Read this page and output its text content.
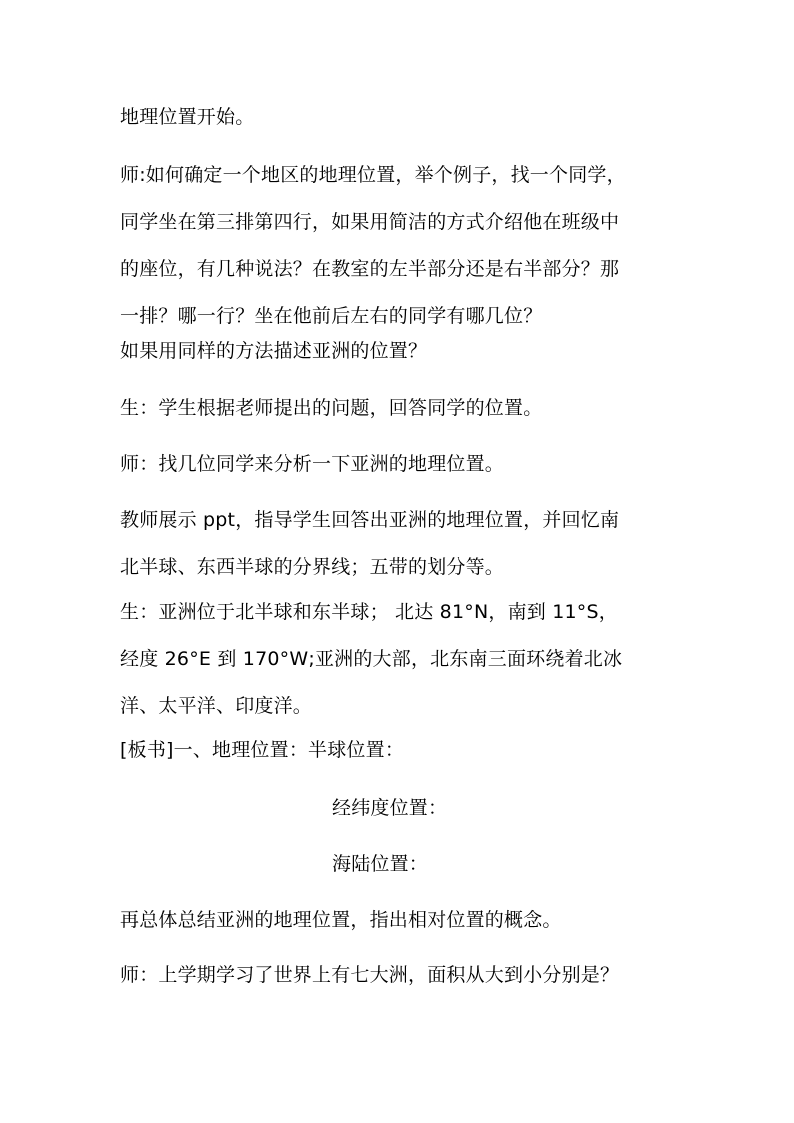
地理位置开始。
师:如何确定一个地区的地理位置，举个例子，找一个同学，
同学坐在第三排第四行，如果用简洁的方式介绍他在班级中
的座位，有几种说法？在教室的左半部分还是右半部分？那
一排？哪一行？坐在他前后左右的同学有哪几位？
如果用同样的方法描述亚洲的位置？
生：学生根据老师提出的问题，回答同学的位置。
师：找几位同学来分析一下亚洲的地理位置。
教师展示 ppt，指导学生回答出亚洲的地理位置，并回忆南
北半球、东西半球的分界线；五带的划分等。
生：亚洲位于北半球和东半球； 北达 81°N，南到 11°S，
经度 26°E 到 170°W;亚洲的大部，北东南三面环绕着北冰
洋、太平洋、印度洋。
[板书]一、地理位置：半球位置：
经纬度位置：
海陆位置：
再总体总结亚洲的地理位置，指出相对位置的概念。
师：上学期学习了世界上有七大洲，面积从大到小分别是？
